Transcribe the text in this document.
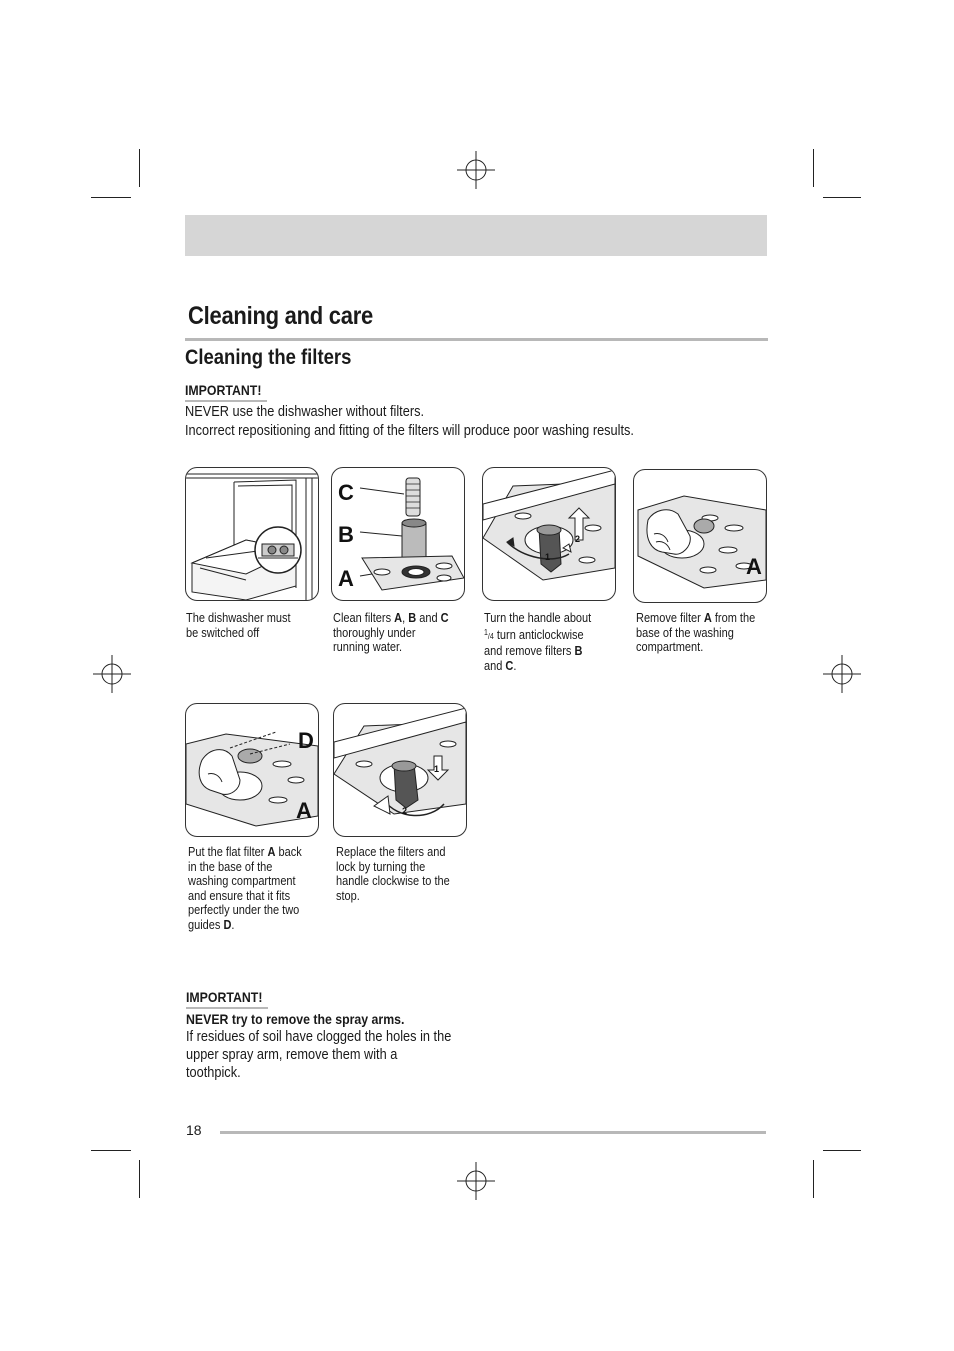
Cleaning and care
Cleaning the filters
IMPORTANT!
NEVER use the dishwasher without filters.
Incorrect repositioning and fitting of the filters will produce poor washing results.
The dishwasher must
be switched off
C
B
A
Clean filters A, B and C
thoroughly under
running water.
1
2
Turn the handle about
$^1$/4 turn anticlockwise
and remove filters B
and C.
A
Remove filter A from the
base of the washing
compartment.
D
A
Put the flat filter A back
in the base of the
washing compartment
and ensure that it fits
perfectly under the two
guides D.
1
2
Replace the filters and
lock by turning the
handle clockwise to the
stop.
IMPORTANT!
NEVER try to remove the spray arms.
If residues of soil have clogged the holes in the
upper spray arm, remove them with a
toothpick.
18
